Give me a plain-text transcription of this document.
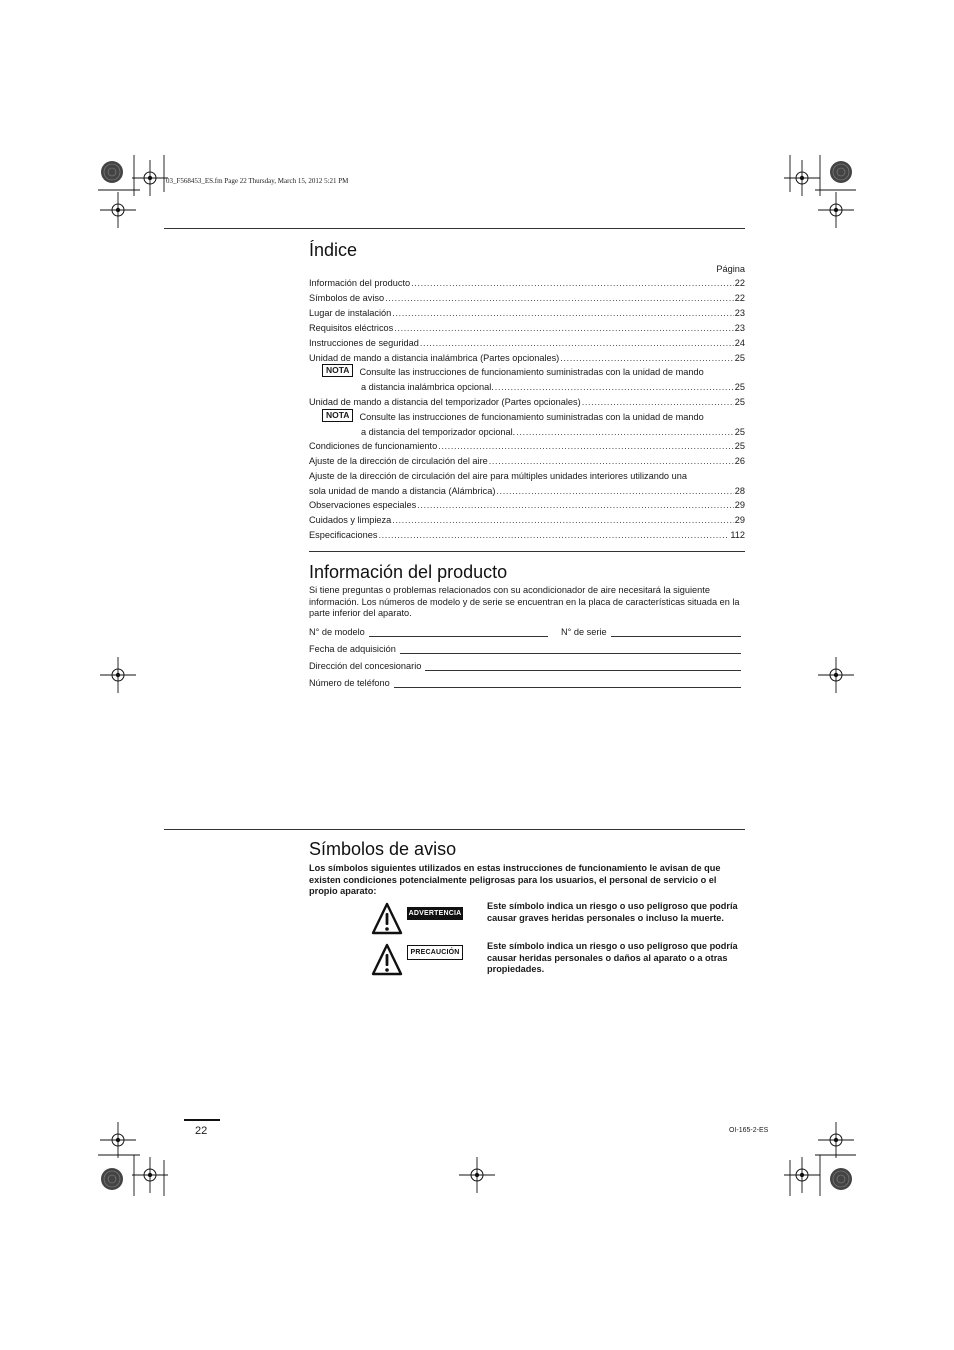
03_F568453_ES.fm Page 22 Thursday, March 15, 2012 5:21 PM
Índice
Página
Información del producto .....	22
Símbolos de aviso .....	22
Lugar de instalación .....	23
Requisitos eléctricos .....	23
Instrucciones de seguridad .....	24
Unidad de mando a distancia inalámbrica (Partes opcionales) .....	25
NOTA	Consulte las instrucciones de funcionamiento suministradas con la unidad de mando
a distancia inalámbrica opcional. .....	25
Unidad de mando a distancia del temporizador (Partes opcionales) .....	25
NOTA	Consulte las instrucciones de funcionamiento suministradas con la unidad de mando
a distancia del temporizador opcional. .....	25
Condiciones de funcionamiento .....	25
Ajuste de la dirección de circulación del aire .....	26
Ajuste de la dirección de circulación del aire para múltiples unidades interiores utilizando una
sola unidad de mando a distancia (Alámbrica) .....	28
Observaciones especiales .....	29
Cuidados y limpieza .....	29
Especificaciones .....	112
Información del producto
Si tiene preguntas o problemas relacionados con su acondicionador de aire necesitará la siguiente información. Los números de modelo y de serie se encuentran en la placa de características situada en la parte inferior del aparato.
N° de modelo	N° de serie
Fecha de adquisición
Dirección del concesionario
Número de teléfono
Símbolos de aviso
Los símbolos siguientes utilizados en estas instrucciones de funcionamiento le avisan de que existen condiciones potencialmente peligrosas para los usuarios, el personal de servicio o el propio aparato:
ADVERTENCIA
Este símbolo indica un riesgo o uso peligroso que podría causar graves heridas personales o incluso la muerte.
PRECAUCIÓN
Este símbolo indica un riesgo o uso peligroso que podría causar heridas personales o daños al aparato o a otras propiedades.
22	OI-165-2-ES
